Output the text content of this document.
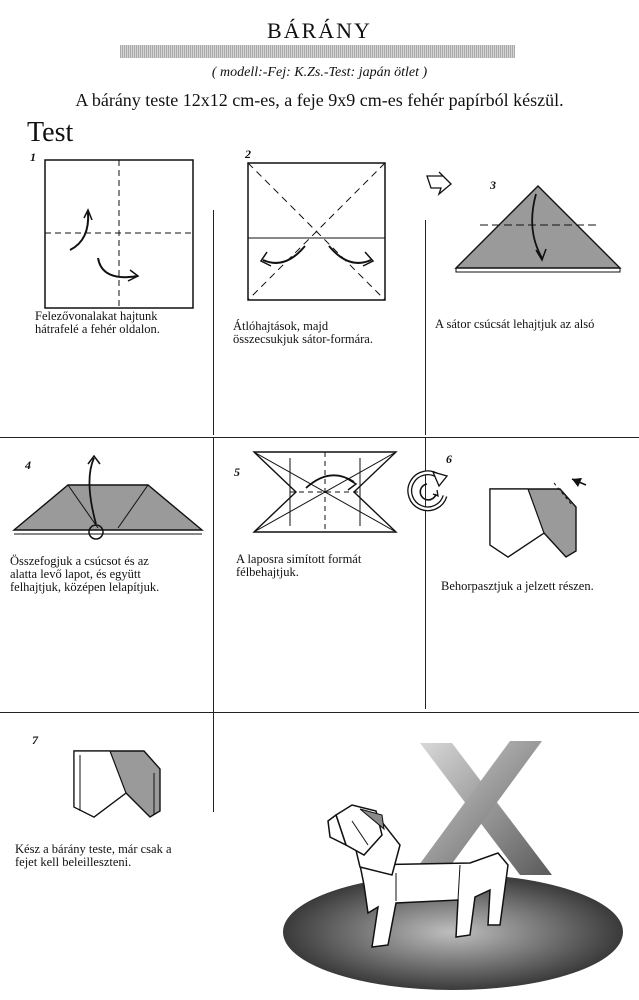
BÁRÁNY
( modell:-Fej: K.Zs.-Test: japán ötlet )
A bárány teste 12x12 cm-es, a feje 9x9 cm-es fehér papírból készül.
Test
1
Felezővonalakat hajtunk
hátrafelé a fehér oldalon.
2
Átlóhajtások, majd
összecsukjuk sátor-formára.
3
A sátor csúcsát lehajtjuk az alsó
4
Összefogjuk a csúcsot és az
alatta levő lapot, és együtt
felhajtjuk, középen lelapítjuk.
5
A laposra simított formát
félbehajtjuk.
6
Behorpasztjuk a jelzett részen.
7
Kész a bárány teste, már csak a
fejet kell beleilleszteni.
